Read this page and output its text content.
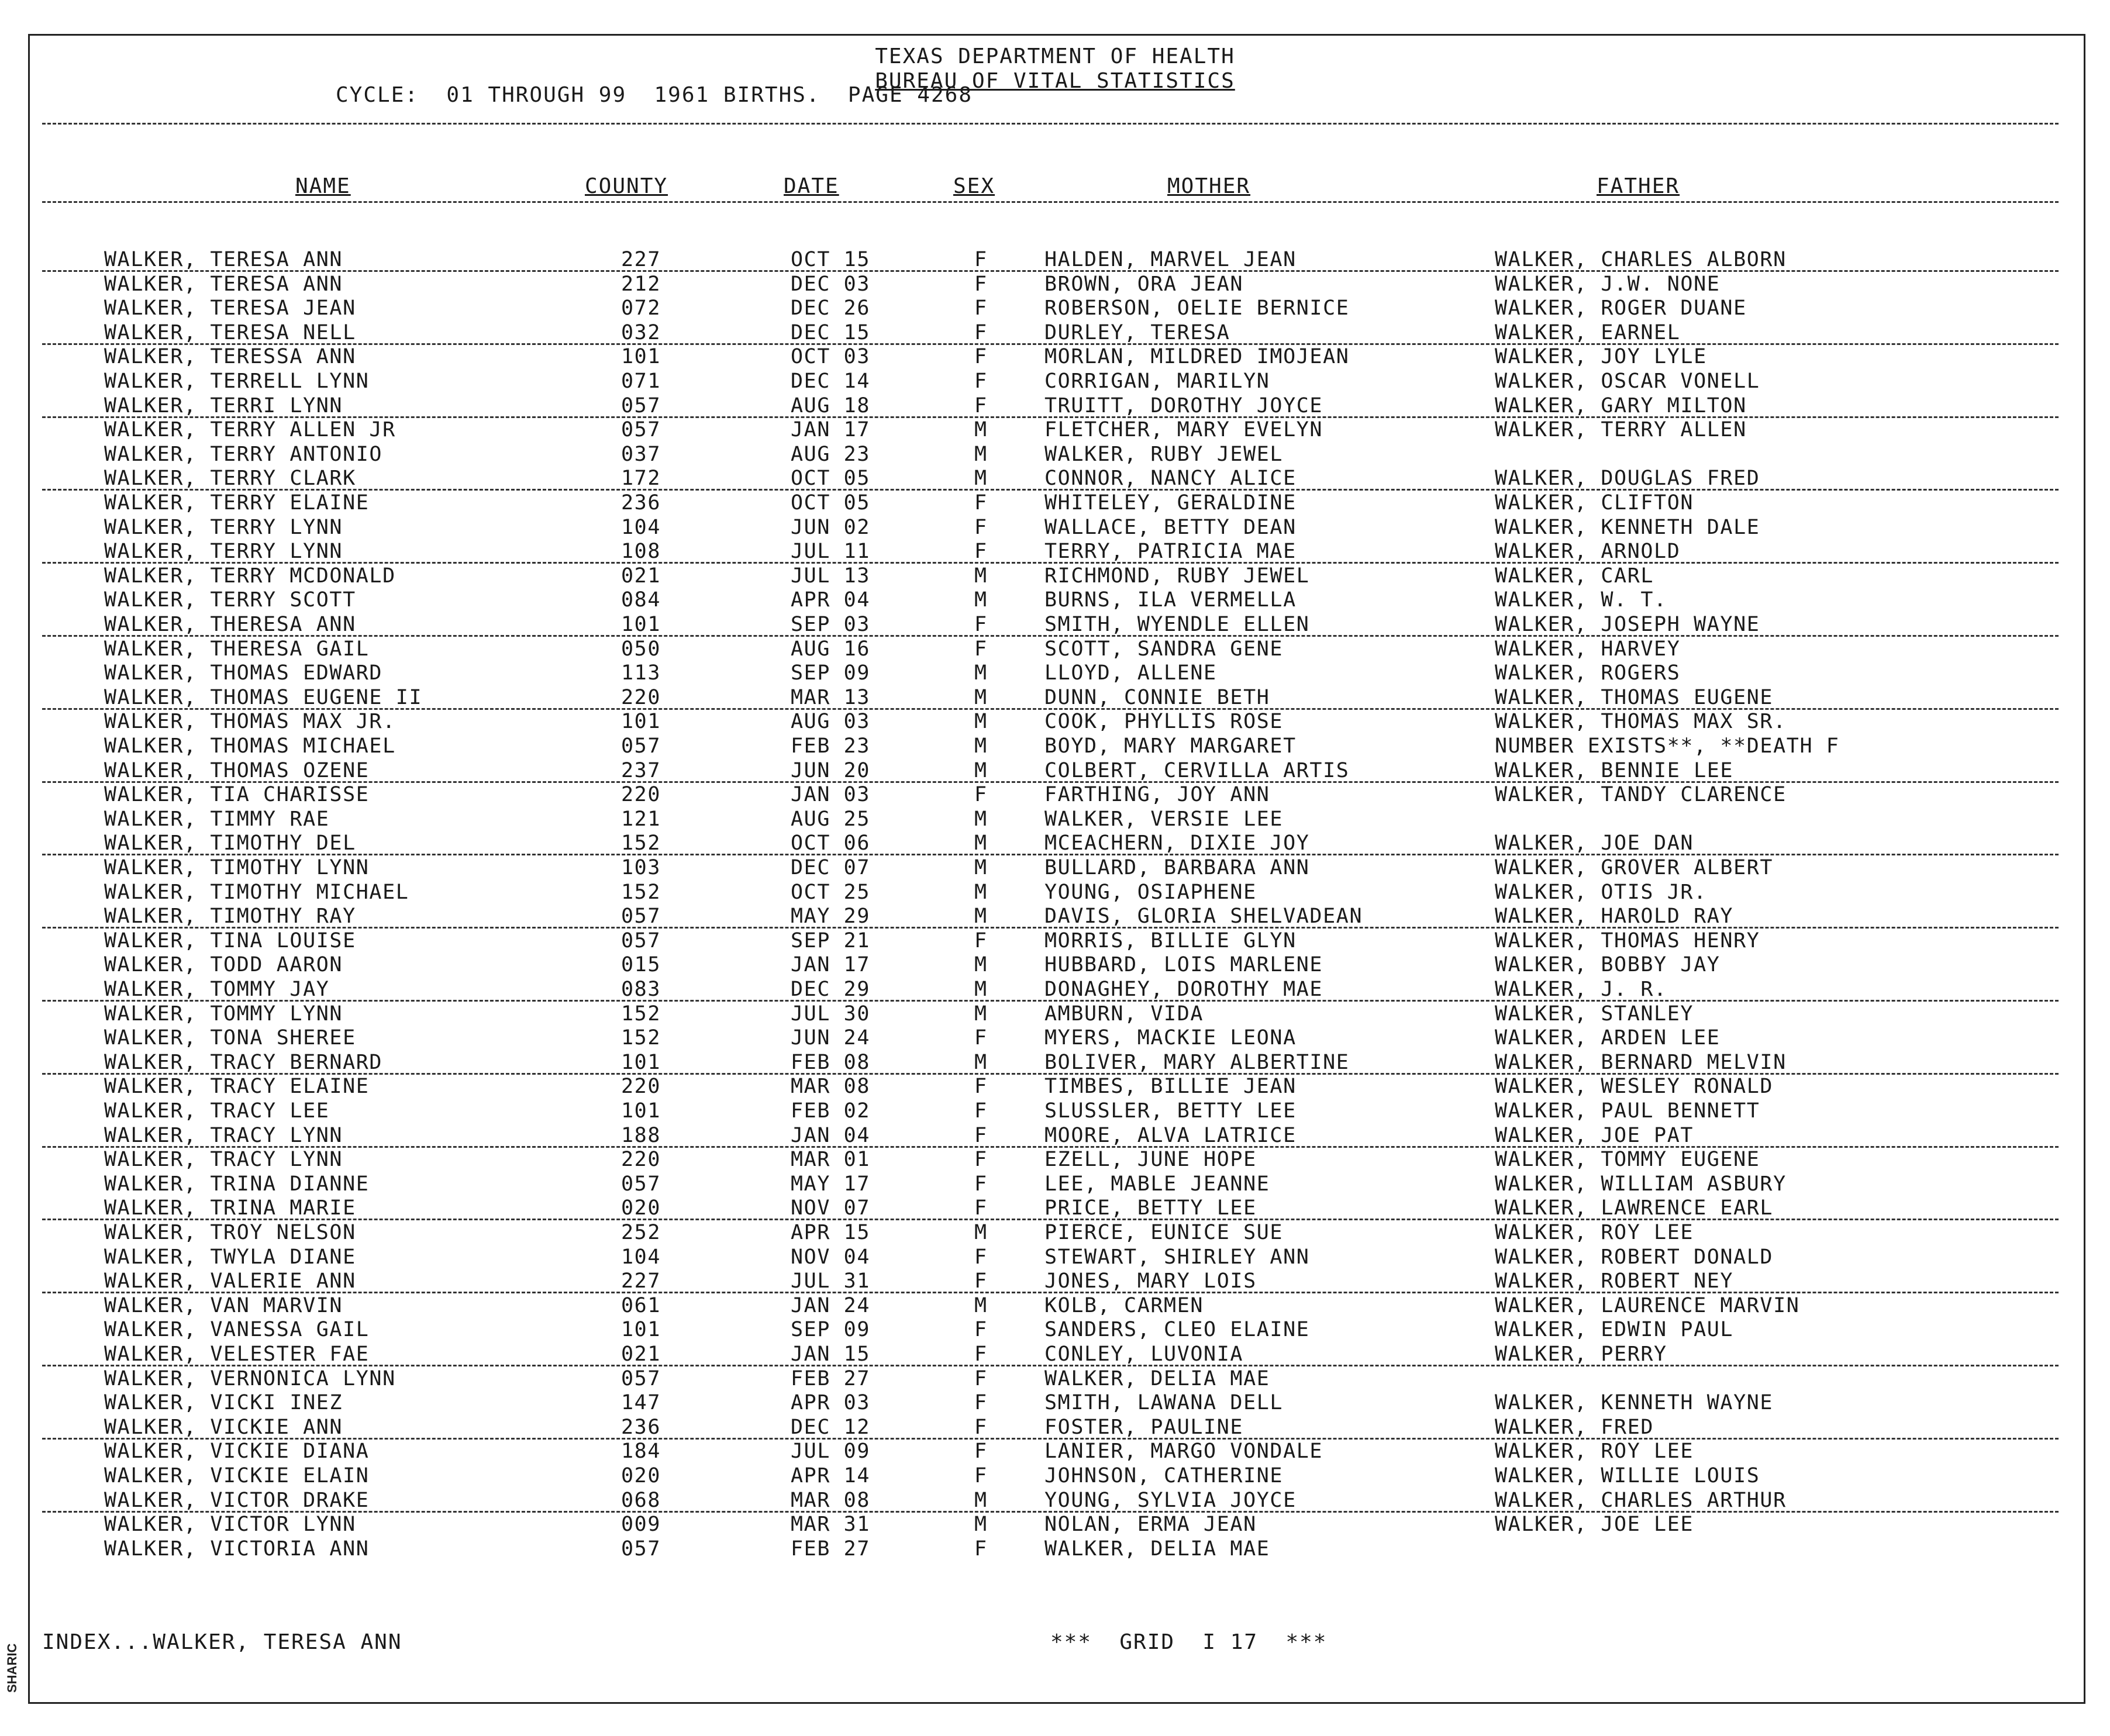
TEXAS DEPARTMENT OF HEALTH
BUREAU OF VITAL STATISTICS
CYCLE:  01 THROUGH 99  1961 BIRTHS.  PAGE 4268
NAME	COUNTY	DATE	SEX	MOTHER	FATHER
WALKER, TERESA ANN	227	OCT 15	F	HALDEN, MARVEL JEAN	WALKER, CHARLES ALBORN
WALKER, TERESA ANN	212	DEC 03	F	BROWN, ORA JEAN	WALKER, J.W. NONE
WALKER, TERESA JEAN	072	DEC 26	F	ROBERSON, OELIE BERNICE	WALKER, ROGER DUANE
WALKER, TERESA NELL	032	DEC 15	F	DURLEY, TERESA	WALKER, EARNEL
WALKER, TERESSA ANN	101	OCT 03	F	MORLAN, MILDRED IMOJEAN	WALKER, JOY LYLE
WALKER, TERRELL LYNN	071	DEC 14	F	CORRIGAN, MARILYN	WALKER, OSCAR VONELL
WALKER, TERRI LYNN	057	AUG 18	F	TRUITT, DOROTHY JOYCE	WALKER, GARY MILTON
WALKER, TERRY ALLEN JR	057	JAN 17	M	FLETCHER, MARY EVELYN	WALKER, TERRY ALLEN
WALKER, TERRY ANTONIO	037	AUG 23	M	WALKER, RUBY JEWEL
WALKER, TERRY CLARK	172	OCT 05	M	CONNOR, NANCY ALICE	WALKER, DOUGLAS FRED
WALKER, TERRY ELAINE	236	OCT 05	F	WHITELEY, GERALDINE	WALKER, CLIFTON
WALKER, TERRY LYNN	104	JUN 02	F	WALLACE, BETTY DEAN	WALKER, KENNETH DALE
WALKER, TERRY LYNN	108	JUL 11	F	TERRY, PATRICIA MAE	WALKER, ARNOLD
WALKER, TERRY MCDONALD	021	JUL 13	M	RICHMOND, RUBY JEWEL	WALKER, CARL
WALKER, TERRY SCOTT	084	APR 04	M	BURNS, ILA VERMELLA	WALKER, W. T.
WALKER, THERESA ANN	101	SEP 03	F	SMITH, WYENDLE ELLEN	WALKER, JOSEPH WAYNE
WALKER, THERESA GAIL	050	AUG 16	F	SCOTT, SANDRA GENE	WALKER, HARVEY
WALKER, THOMAS EDWARD	113	SEP 09	M	LLOYD, ALLENE	WALKER, ROGERS
WALKER, THOMAS EUGENE II	220	MAR 13	M	DUNN, CONNIE BETH	WALKER, THOMAS EUGENE
WALKER, THOMAS MAX JR.	101	AUG 03	M	COOK, PHYLLIS ROSE	WALKER, THOMAS MAX SR.
WALKER, THOMAS MICHAEL	057	FEB 23	M	BOYD, MARY MARGARET	NUMBER EXISTS**, **DEATH F
WALKER, THOMAS OZENE	237	JUN 20	M	COLBERT, CERVILLA ARTIS	WALKER, BENNIE LEE
WALKER, TIA CHARISSE	220	JAN 03	F	FARTHING, JOY ANN	WALKER, TANDY CLARENCE
WALKER, TIMMY RAE	121	AUG 25	M	WALKER, VERSIE LEE
WALKER, TIMOTHY DEL	152	OCT 06	M	MCEACHERN, DIXIE JOY	WALKER, JOE DAN
WALKER, TIMOTHY LYNN	103	DEC 07	M	BULLARD, BARBARA ANN	WALKER, GROVER ALBERT
WALKER, TIMOTHY MICHAEL	152	OCT 25	M	YOUNG, OSIAPHENE	WALKER, OTIS JR.
WALKER, TIMOTHY RAY	057	MAY 29	M	DAVIS, GLORIA SHELVADEAN	WALKER, HAROLD RAY
WALKER, TINA LOUISE	057	SEP 21	F	MORRIS, BILLIE GLYN	WALKER, THOMAS HENRY
WALKER, TODD AARON	015	JAN 17	M	HUBBARD, LOIS MARLENE	WALKER, BOBBY JAY
WALKER, TOMMY JAY	083	DEC 29	M	DONAGHEY, DOROTHY MAE	WALKER, J. R.
WALKER, TOMMY LYNN	152	JUL 30	M	AMBURN, VIDA	WALKER, STANLEY
WALKER, TONA SHEREE	152	JUN 24	F	MYERS, MACKIE LEONA	WALKER, ARDEN LEE
WALKER, TRACY BERNARD	101	FEB 08	M	BOLIVER, MARY ALBERTINE	WALKER, BERNARD MELVIN
WALKER, TRACY ELAINE	220	MAR 08	F	TIMBES, BILLIE JEAN	WALKER, WESLEY RONALD
WALKER, TRACY LEE	101	FEB 02	F	SLUSSLER, BETTY LEE	WALKER, PAUL BENNETT
WALKER, TRACY LYNN	188	JAN 04	F	MOORE, ALVA LATRICE	WALKER, JOE PAT
WALKER, TRACY LYNN	220	MAR 01	F	EZELL, JUNE HOPE	WALKER, TOMMY EUGENE
WALKER, TRINA DIANNE	057	MAY 17	F	LEE, MABLE JEANNE	WALKER, WILLIAM ASBURY
WALKER, TRINA MARIE	020	NOV 07	F	PRICE, BETTY LEE	WALKER, LAWRENCE EARL
WALKER, TROY NELSON	252	APR 15	M	PIERCE, EUNICE SUE	WALKER, ROY LEE
WALKER, TWYLA DIANE	104	NOV 04	F	STEWART, SHIRLEY ANN	WALKER, ROBERT DONALD
WALKER, VALERIE ANN	227	JUL 31	F	JONES, MARY LOIS	WALKER, ROBERT NEY
WALKER, VAN MARVIN	061	JAN 24	M	KOLB, CARMEN	WALKER, LAURENCE MARVIN
WALKER, VANESSA GAIL	101	SEP 09	F	SANDERS, CLEO ELAINE	WALKER, EDWIN PAUL
WALKER, VELESTER FAE	021	JAN 15	F	CONLEY, LUVONIA	WALKER, PERRY
WALKER, VERNONICA LYNN	057	FEB 27	F	WALKER, DELIA MAE
WALKER, VICKI INEZ	147	APR 03	F	SMITH, LAWANA DELL	WALKER, KENNETH WAYNE
WALKER, VICKIE ANN	236	DEC 12	F	FOSTER, PAULINE	WALKER, FRED
WALKER, VICKIE DIANA	184	JUL 09	F	LANIER, MARGO VONDALE	WALKER, ROY LEE
WALKER, VICKIE ELAIN	020	APR 14	F	JOHNSON, CATHERINE	WALKER, WILLIE LOUIS
WALKER, VICTOR DRAKE	068	MAR 08	M	YOUNG, SYLVIA JOYCE	WALKER, CHARLES ARTHUR
WALKER, VICTOR LYNN	009	MAR 31	M	NOLAN, ERMA JEAN	WALKER, JOE LEE
WALKER, VICTORIA ANN	057	FEB 27	F	WALKER, DELIA MAE
INDEX...WALKER, TERESA ANN	***  GRID  I 17  ***
SHARIC
